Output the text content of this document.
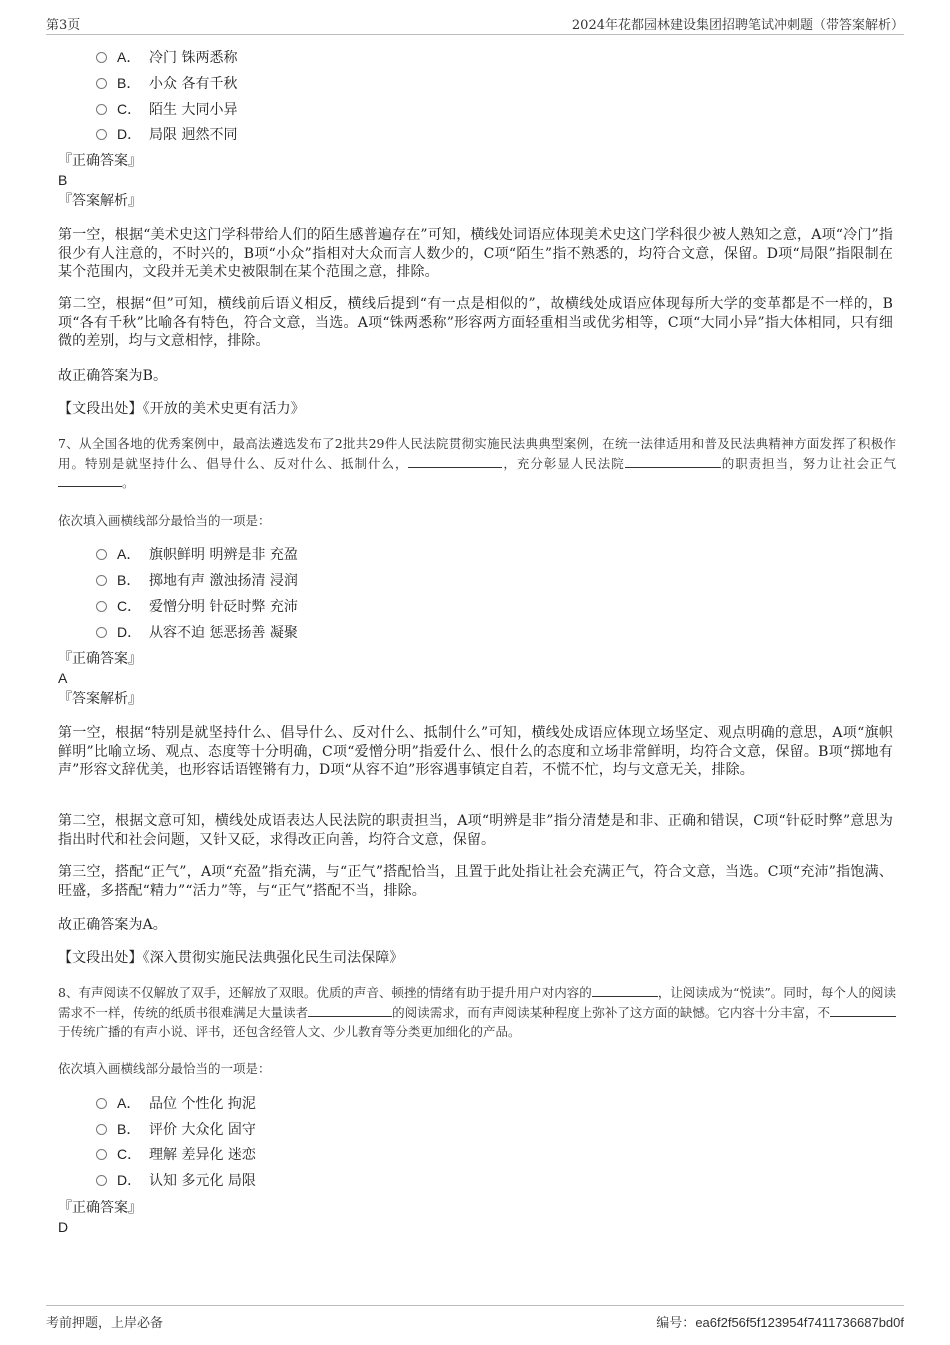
第3页	2024年花都园林建设集团招聘笔试冲刺题（带答案解析）
A． 冷门 铢两悉称
B． 小众 各有千秋
C． 陌生 大同小异
D． 局限 迥然不同
『正确答案』
B
『答案解析』
第一空，根据“美术史这门学科带给人们的陌生感普遍存在”可知，横线处词语应体现美术史这门学科很少被人熟知之意，A项“冷门”指很少有人注意的，不时兴的，B项“小众”指相对大众而言人数少的，C项“陌生”指不熟悉的，均符合文意，保留。D项“局限”指限制在某个范围内，文段并无美术史被限制在某个范围之意，排除。
第二空，根据“但”可知，横线前后语义相反，横线后提到“有一点是相似的”，故横线处成语应体现每所大学的变革都是不一样的，B项“各有千秋”比喻各有特色，符合文意，当选。A项“铢两悉称”形容两方面轻重相当或优劣相等，C项“大同小异”指大体相同，只有细微的差别，均与文意相悖，排除。
故正确答案为B。
【文段出处】《开放的美术史更有活力》
7、从全国各地的优秀案例中，最高法遴选发布了2批共29件人民法院贯彻实施民法典典型案例，在统一法律适用和普及民法典精神方面发挥了积极作用。特别是就坚持什么、倡导什么、反对什么、抵制什么，	，充分彰显人民法院	的职责担当，努力让社会正气。
依次填入画横线部分最恰当的一项是：
A． 旗帜鲜明 明辨是非 充盈
B． 掷地有声 激浊扬清 浸润
C． 爱憎分明 针砭时弊 充沛
D． 从容不迫 惩恶扬善 凝聚
『正确答案』
A
『答案解析』
第一空，根据“特别是就坚持什么、倡导什么、反对什么、抵制什么”可知，横线处成语应体现立场坚定、观点明确的意思，A项“旗帜鲜明”比喻立场、观点、态度等十分明确，C项“爱憎分明”指爱什么、恨什么的态度和立场非常鲜明，均符合文意，保留。B项“掷地有声”形容文辞优美，也形容话语铿锵有力，D项“从容不迫”形容遇事镇定自若，不慌不忙，均与文意无关，排除。
第二空，根据文意可知，横线处成语表达人民法院的职责担当，A项“明辨是非”指分清楚是和非、正确和错误，C项“针砭时弊”意思为指出时代和社会问题，又针又砭，求得改正向善，均符合文意，保留。
第三空，搭配“正气”，A项“充盈”指充满，与“正气”搭配恰当，且置于此处指让社会充满正气，符合文意，当选。C项“充沛”指饱满、旺盛，多搭配“精力”“活力”等，与“正气”搭配不当，排除。
故正确答案为A。
【文段出处】《深入贯彻实施民法典强化民生司法保障》
8、有声阅读不仅解放了双手，还解放了双眼。优质的声音、顿挫的情绪有助于提升用户对内容的	，让阅读成为“悦读”。同时，每个人的阅读需求不一样，传统的纸质书很难满足大量读者	的阅读需求，而有声阅读某种程度上弥补了这方面的缺憾。它内容十分丰富，不于传统广播的有声小说、评书，还包含经管人文、少儿教育等分类更加细化的产品。
依次填入画横线部分最恰当的一项是：
A． 品位 个性化 拘泥
B． 评价 大众化 固守
C． 理解 差异化 迷恋
D． 认知 多元化 局限
『正确答案』
D
考前押题，上岸必备	编号：ea6f2f56f5f123954f7411736687bd0f
